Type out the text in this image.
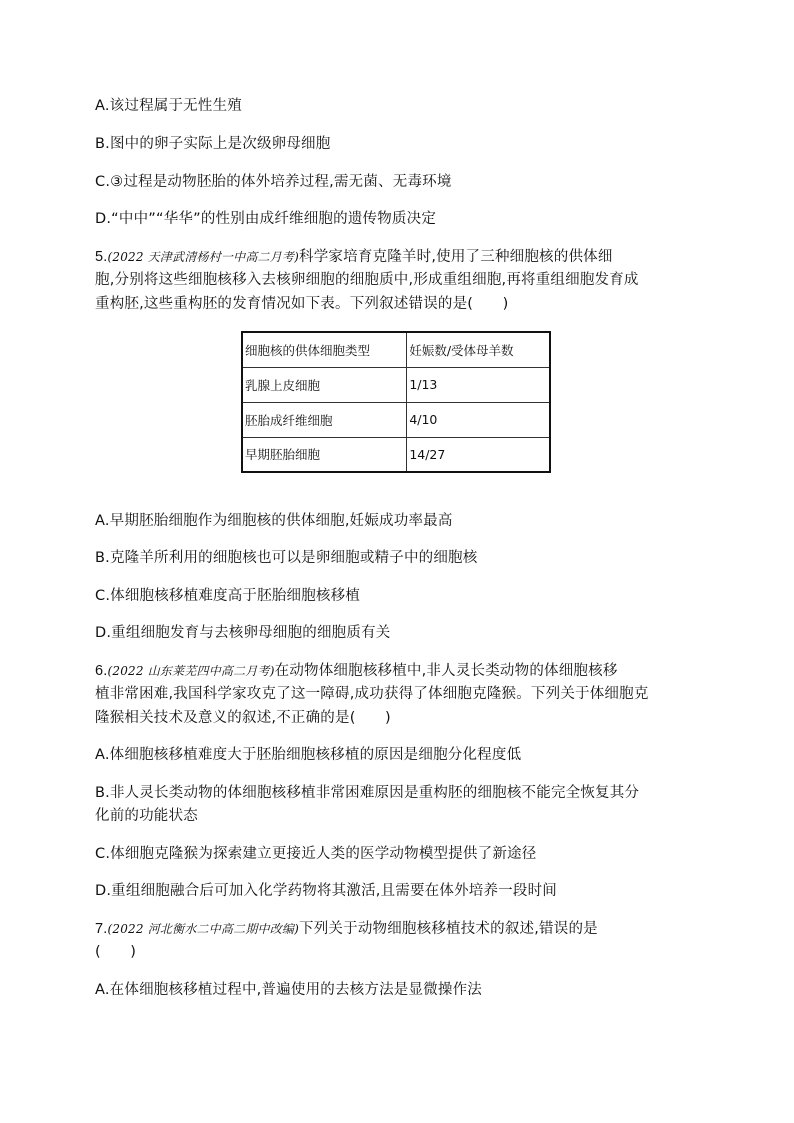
A.该过程属于无性生殖
B.图中的卵子实际上是次级卵母细胞
C.③过程是动物胚胎的体外培养过程,需无菌、无毒环境
D.“中中”“华华”的性别由成纤维细胞的遗传物质决定
5.(2022 天津武清杨村一中高二月考)科学家培育克隆羊时,使用了三种细胞核的供体细
胞,分别将这些细胞核移入去核卵细胞的细胞质中,形成重组细胞,再将重组细胞发育成
重构胚,这些重构胚的发育情况如下表。下列叙述错误的是(　　)
细胞核的供体细胞类型	妊娠数/受体母羊数
乳腺上皮细胞	1/13
胚胎成纤维细胞	4/10
早期胚胎细胞	14/27
A.早期胚胎细胞作为细胞核的供体细胞,妊娠成功率最高
B.克隆羊所利用的细胞核也可以是卵细胞或精子中的细胞核
C.体细胞核移植难度高于胚胎细胞核移植
D.重组细胞发育与去核卵母细胞的细胞质有关
6.(2022 山东莱芜四中高二月考)在动物体细胞核移植中,非人灵长类动物的体细胞核移
植非常困难,我国科学家攻克了这一障碍,成功获得了体细胞克隆猴。下列关于体细胞克
隆猴相关技术及意义的叙述,不正确的是(　　)
A.体细胞核移植难度大于胚胎细胞核移植的原因是细胞分化程度低
B.非人灵长类动物的体细胞核移植非常困难原因是重构胚的细胞核不能完全恢复其分
化前的功能状态
C.体细胞克隆猴为探索建立更接近人类的医学动物模型提供了新途径
D.重组细胞融合后可加入化学药物将其激活,且需要在体外培养一段时间
7.(2022 河北衡水二中高二期中改编)下列关于动物细胞核移植技术的叙述,错误的是
(　　)
A.在体细胞核移植过程中,普遍使用的去核方法是显微操作法
